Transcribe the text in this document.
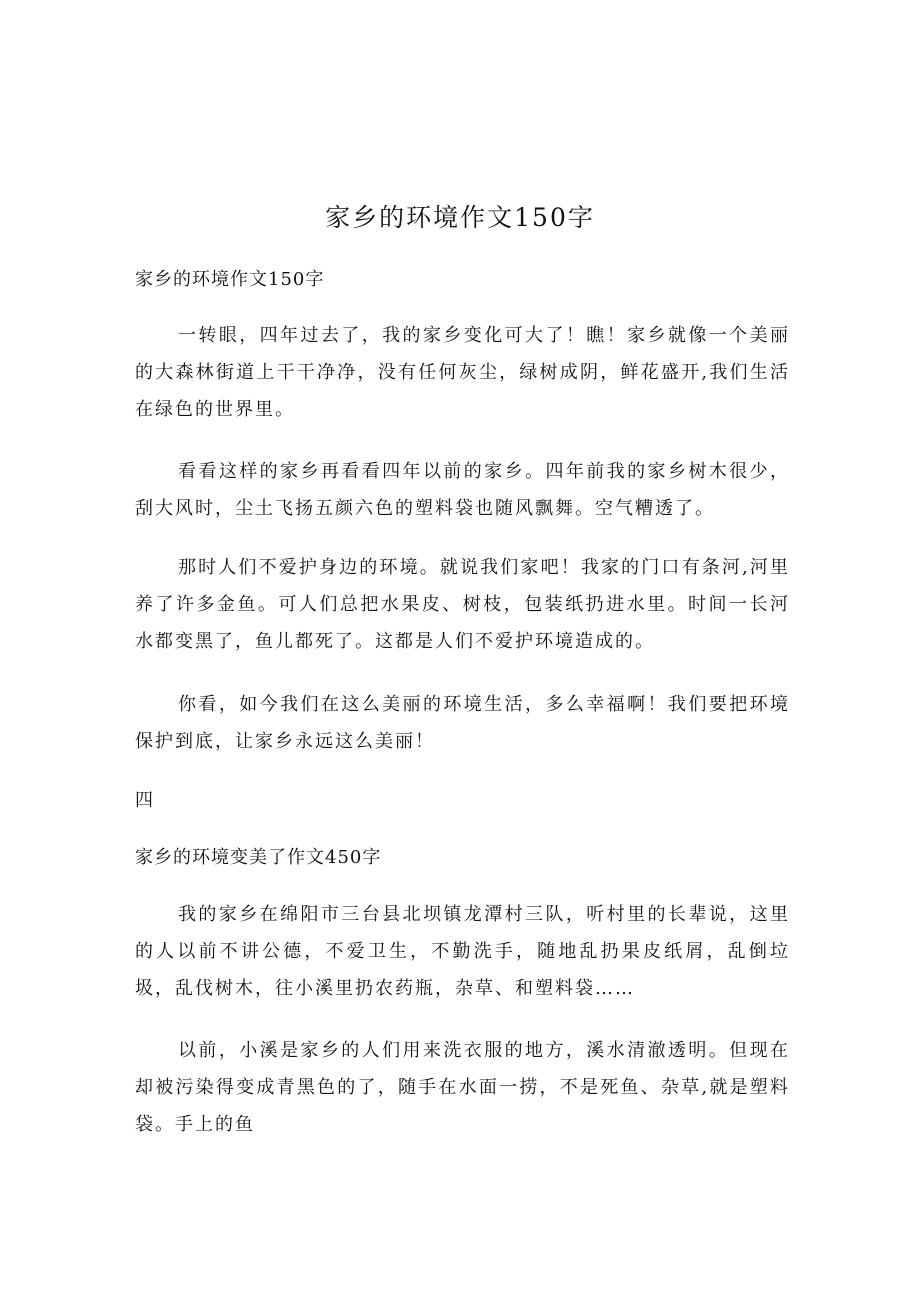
家乡的环境作文150字
家乡的环境作文150字
一转眼，四年过去了，我的家乡变化可大了！瞧！家乡就像一个美丽的大森林街道上干干净净，没有任何灰尘，绿树成阴，鲜花盛开,我们生活在绿色的世界里。
看看这样的家乡再看看四年以前的家乡。四年前我的家乡树木很少，刮大风时，尘土飞扬五颜六色的塑料袋也随风飘舞。空气糟透了。
那时人们不爱护身边的环境。就说我们家吧！我家的门口有条河,河里养了许多金鱼。可人们总把水果皮、树枝，包装纸扔进水里。时间一长河水都变黑了，鱼儿都死了。这都是人们不爱护环境造成的。
你看，如今我们在这么美丽的环境生活，多么幸福啊！我们要把环境保护到底，让家乡永远这么美丽！
四
家乡的环境变美了作文450字
我的家乡在绵阳市三台县北坝镇龙潭村三队，听村里的长辈说，这里的人以前不讲公德，不爱卫生，不勤洗手，随地乱扔果皮纸屑，乱倒垃圾，乱伐树木，往小溪里扔农药瓶，杂草、和塑料袋……
以前，小溪是家乡的人们用来洗衣服的地方，溪水清澈透明。但现在却被污染得变成青黑色的了，随手在水面一捞，不是死鱼、杂草,就是塑料袋。手上的鱼
